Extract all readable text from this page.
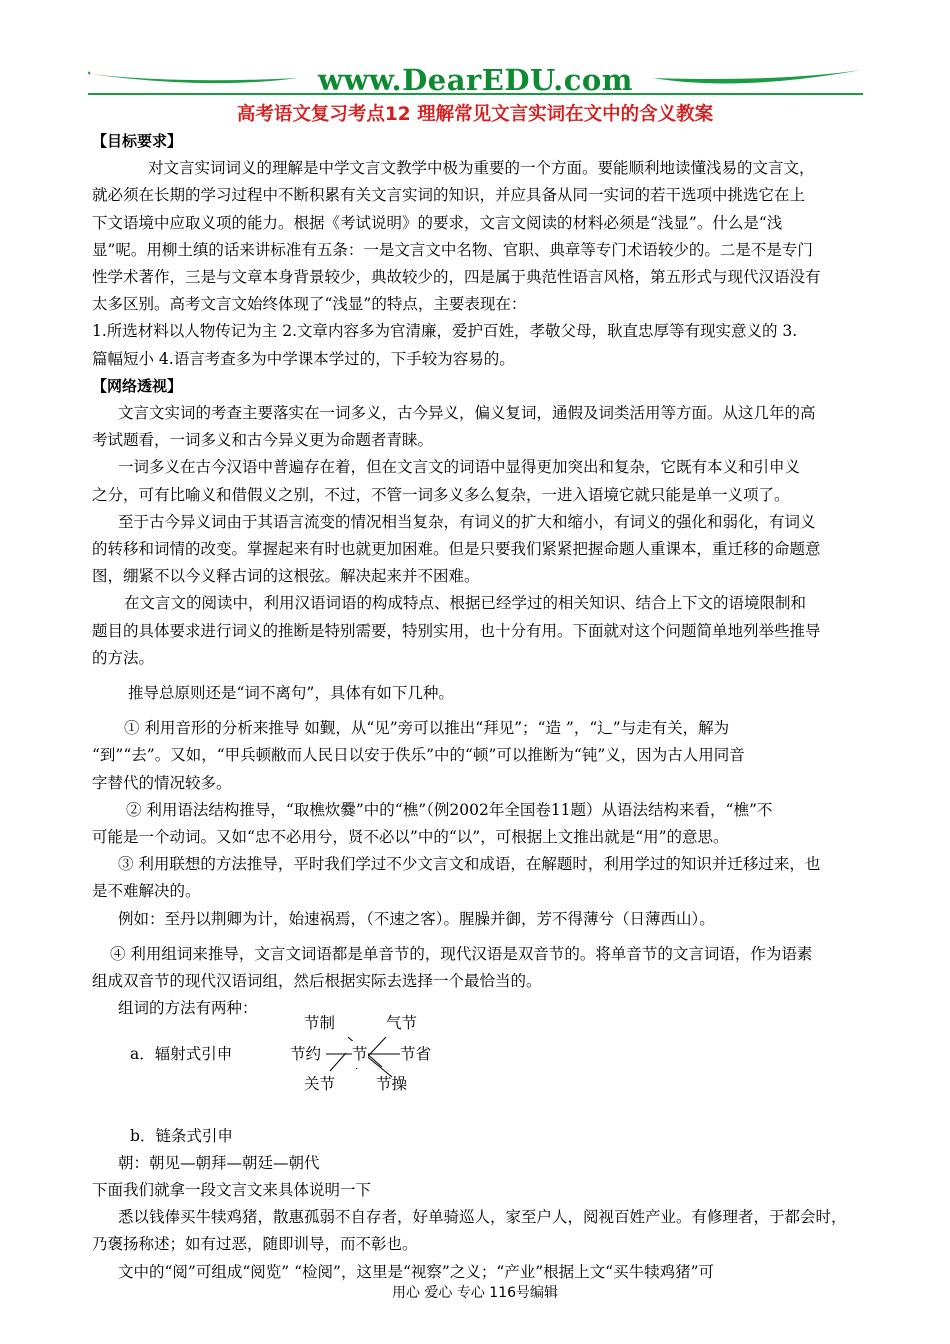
www.DearEDU.com
高考语文复习考点12 理解常见文言实词在文中的含义教案
【目标要求】
对文言实词词义的理解是中学文言文教学中极为重要的一个方面。要能顺利地读懂浅易的文言文，
就必须在长期的学习过程中不断积累有关文言实词的知识，并应具备从同一实词的若干选项中挑选它在上
下文语境中应取义项的能力。根据《考试说明》的要求，文言文阅读的材料必须是“浅显”。什么是“浅
显”呢。用柳土缜的话来讲标准有五条：一是文言文中名物、官职、典章等专门术语较少的。二是不是专门
性学术著作，三是与文章本身背景较少，典故较少的，四是属于典范性语言风格，第五形式与现代汉语没有
太多区别。高考文言文始终体现了“浅显”的特点，主要表现在：
1.所选材料以人物传记为主 2.文章内容多为官清廉，爱护百姓，孝敬父母，耿直忠厚等有现实意义的 3.
篇幅短小 4.语言考查多为中学课本学过的，下手较为容易的。
【网络透视】
文言文实词的考查主要落实在一词多义，古今异义，偏义复词，通假及词类活用等方面。从这几年的高
考试题看，一词多义和古今异义更为命题者青睐。
一词多义在古今汉语中普遍存在着，但在文言文的词语中显得更加突出和复杂，它既有本义和引申义
之分，可有比喻义和借假义之别，不过，不管一词多义多么复杂，一进入语境它就只能是单一义项了。
至于古今异义词由于其语言流变的情况相当复杂，有词义的扩大和缩小，有词义的强化和弱化，有词义
的转移和词情的改变。掌握起来有时也就更加困难。但是只要我们紧紧把握命题人重课本，重迁移的命题意
图，绷紧不以今义释古词的这根弦。解决起来并不困难。
在文言文的阅读中，利用汉语词语的构成特点、根据已经学过的相关知识、结合上下文的语境限制和
题目的具体要求进行词义的推断是特别需要，特别实用，也十分有用。下面就对这个问题简单地列举些推导
的方法。
推导总原则还是“词不离句”，具体有如下几种。
① 利用音形的分析来推导 如觐，从“见”旁可以推出“拜见”；“造 ”，“辶”与走有关，解为
“到”“去”。又如，“甲兵顿敝而人民日以安于佚乐”中的“顿”可以推断为“钝”义，因为古人用同音
字替代的情况较多。
② 利用语法结构推导，“取樵炊爨”中的“樵”（例2002年全国卷11题）从语法结构来看，“樵”不
可能是一个动词。又如“忠不必用兮，贤不必以”中的“以”，可根据上文推出就是“用”的意思。
③ 利用联想的方法推导，平时我们学过不少文言文和成语，在解题时，利用学过的知识并迁移过来，也
是不难解决的。
例如：至丹以荆卿为计，始速祸焉，（不速之客）。腥臊并御，芳不得薄兮（日薄西山）。
④ 利用组词来推导，文言文词语都是单音节的，现代汉语是双音节的。将单音节的文言词语，作为语素
组成双音节的现代汉语词组，然后根据实际去选择一个最恰当的。
组词的方法有两种：
a．辐射式引申
节制	气节
节约 节 节省
关节	节操
b．链条式引申
朝：朝见—朝拜—朝廷—朝代
下面我们就拿一段文言文来具体说明一下
悉以钱俸买牛犊鸡猪，散惠孤弱不自存者，好单骑巡人，家至户人，阅视百姓产业。有修理者，于都会时，
乃褒扬称述；如有过恶，随即训导，而不彰也。
文中的“阅”可组成“阅览” “检阅”，这里是“视察”之义；“产业”根据上文“买牛犊鸡猪”可
用心 爱心 专心 116号编辑
